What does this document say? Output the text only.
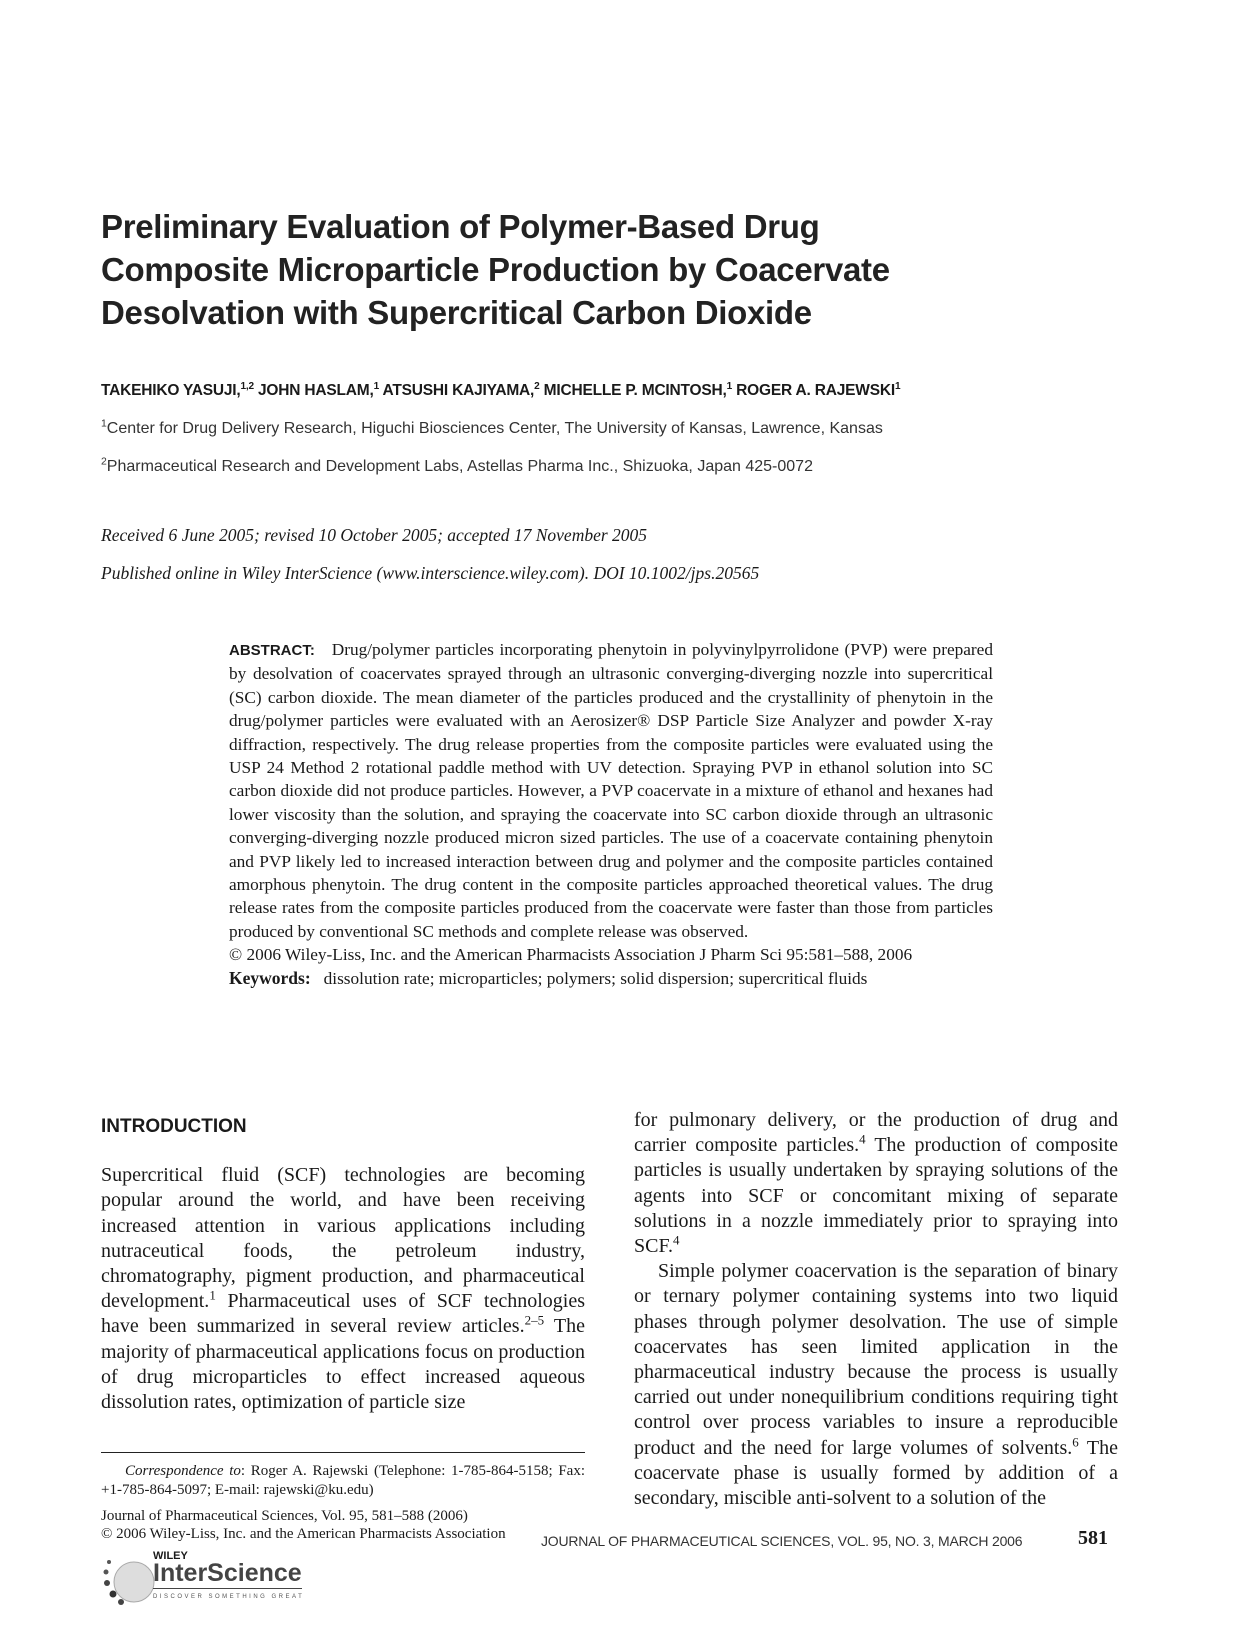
Preliminary Evaluation of Polymer-Based Drug
Composite Microparticle Production by Coacervate
Desolvation with Supercritical Carbon Dioxide
TAKEHIKO YASUJI,$^{1,2}$ JOHN HASLAM,$^1$ ATSUSHI KAJIYAMA,$^2$ MICHELLE P. MCINTOSH,$^1$ ROGER A. RAJEWSKI$^1$
$^1$Center for Drug Delivery Research, Higuchi Biosciences Center, The University of Kansas, Lawrence, Kansas
$^2$Pharmaceutical Research and Development Labs, Astellas Pharma Inc., Shizuoka, Japan 425-0072
Received 6 June 2005; revised 10 October 2005; accepted 17 November 2005
Published online in Wiley InterScience (www.interscience.wiley.com). DOI 10.1002/jps.20565
ABSTRACT: Drug/polymer particles incorporating phenytoin in polyvinylpyrrolidone (PVP) were prepared by desolvation of coacervates sprayed through an ultrasonic converging-diverging nozzle into supercritical (SC) carbon dioxide. The mean diameter of the particles produced and the crystallinity of phenytoin in the drug/polymer particles were evaluated with an Aerosizer® DSP Particle Size Analyzer and powder X-ray diffraction, respectively. The drug release properties from the composite particles were evaluated using the USP 24 Method 2 rotational paddle method with UV detection. Spraying PVP in ethanol solution into SC carbon dioxide did not produce particles. However, a PVP coacervate in a mixture of ethanol and hexanes had lower viscosity than the solution, and spraying the coacervate into SC carbon dioxide through an ultrasonic converging-diverging nozzle produced micron sized particles. The use of a coacervate containing phenytoin and PVP likely led to increased interaction between drug and polymer and the composite particles contained amorphous phenytoin. The drug content in the composite particles approached theoretical values. The drug release rates from the composite particles produced from the coacervate were faster than those from particles produced by conventional SC methods and complete release was observed.
© 2006 Wiley-Liss, Inc. and the American Pharmacists Association J Pharm Sci 95:581–588, 2006
Keywords: dissolution rate; microparticles; polymers; solid dispersion; supercritical fluids

INTRODUCTION

Supercritical fluid (SCF) technologies are becoming popular around the world, and have been receiving increased attention in various applications including nutraceutical foods, the petroleum industry, chromatography, pigment production, and pharmaceutical development.$^1$ Pharmaceutical uses of SCF technologies have been summarized in several review articles.$^{2-5}$ The majority of pharmaceutical applications focus on production of drug microparticles to effect increased aqueous dissolution rates, optimization of particle size

for pulmonary delivery, or the production of drug and carrier composite particles.$^4$ The production of composite particles is usually undertaken by spraying solutions of the agents into SCF or concomitant mixing of separate solutions in a nozzle immediately prior to spraying into SCF.$^4$

Simple polymer coacervation is the separation of binary or ternary polymer containing systems into two liquid phases through polymer desolvation. The use of simple coacervates has seen limited application in the pharmaceutical industry because the process is usually carried out under nonequilibrium conditions requiring tight control over process variables to insure a reproducible product and the need for large volumes of solvents.$^6$ The coacervate phase is usually formed by addition of a secondary, miscible anti-solvent to a solution of the

Correspondence to: Roger A. Rajewski (Telephone: 1-785-864-5158; Fax: +1-785-864-5097; E-mail: rajewski@ku.edu)
Journal of Pharmaceutical Sciences, Vol. 95, 581–588 (2006)
© 2006 Wiley-Liss, Inc. and the American Pharmacists Association
WILEY
InterScience
DISCOVER SOMETHING GREAT
JOURNAL OF PHARMACEUTICAL SCIENCES, VOL. 95, NO. 3, MARCH 2006	581
